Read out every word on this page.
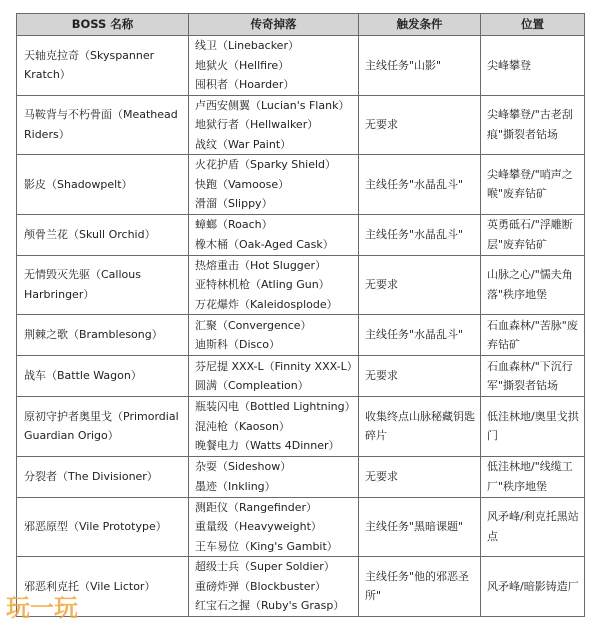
BOSS 名称	传奇掉落	触发条件	位置
天轴克拉奇（Skyspanner Kratch）	线卫（Linebacker）
地狱火（Hellfire）
囤积者（Hoarder）	主线任务"山影"	尖峰攀登
马鞍背与不朽骨面（Meathead Riders）	卢西安侧翼（Lucian's Flank）
地狱行者（Hellwalker）
战纹（War Paint）	无要求	尖峰攀登/"古老刮痕"撕裂者钻场
影皮（Shadowpelt）	火花护盾（Sparky Shield）
快跑（Vamoose）
滑溜（Slippy）	主线任务"水晶乱斗"	尖峰攀登/"哨声之喉"废弃钻矿
颅骨兰花（Skull Orchid）	蟑螂（Roach）
橡木桶（Oak-Aged Cask）	主线任务"水晶乱斗"	英勇砥石/"浮雕断层"废弃钻矿
无情毁灭先驱（Callous Harbringer）	热熔重击（Hot Slugger）
亚特林机枪（Atling Gun）
万花爆炸（Kaleidosplode）	无要求	山脉之心/"懦夫角落"秩序地堡
荆棘之歌（Bramblesong）	汇聚（Convergence）
迪斯科（Disco）	主线任务"水晶乱斗"	石血森林/"苦脉"废弃钻矿
战车（Battle Wagon）	芬尼提 XXX-L（Finnity XXX-L）
圆满（Compleation）	无要求	石血森林/"下沉行军"撕裂者钻场
原初守护者奥里戈（Primordial Guardian Origo）	瓶装闪电（Bottled Lightning）
混沌枪（Kaoson）
晚餐电力（Watts 4Dinner）	收集终点山脉秘藏钥匙碎片	低洼林地/奥里戈拱门
分裂者（The Divisioner）	杂耍（Sideshow）
墨迹（Inkling）	无要求	低洼林地/"线缆工厂"秩序地堡
邪恶原型（Vile Prototype）	测距仪（Rangefinder）
重量级（Heavyweight）
王车易位（King's Gambit）	主线任务"黑暗课题"	风矛峰/利克托黑站点
邪恶利克托（Vile Lictor）	超级士兵（Super Soldier）
重磅炸弹（Blockbuster）
红宝石之握（Ruby's Grasp）	主线任务"他的邪恶圣所"	风矛峰/暗影铸造厂
玩一玩
